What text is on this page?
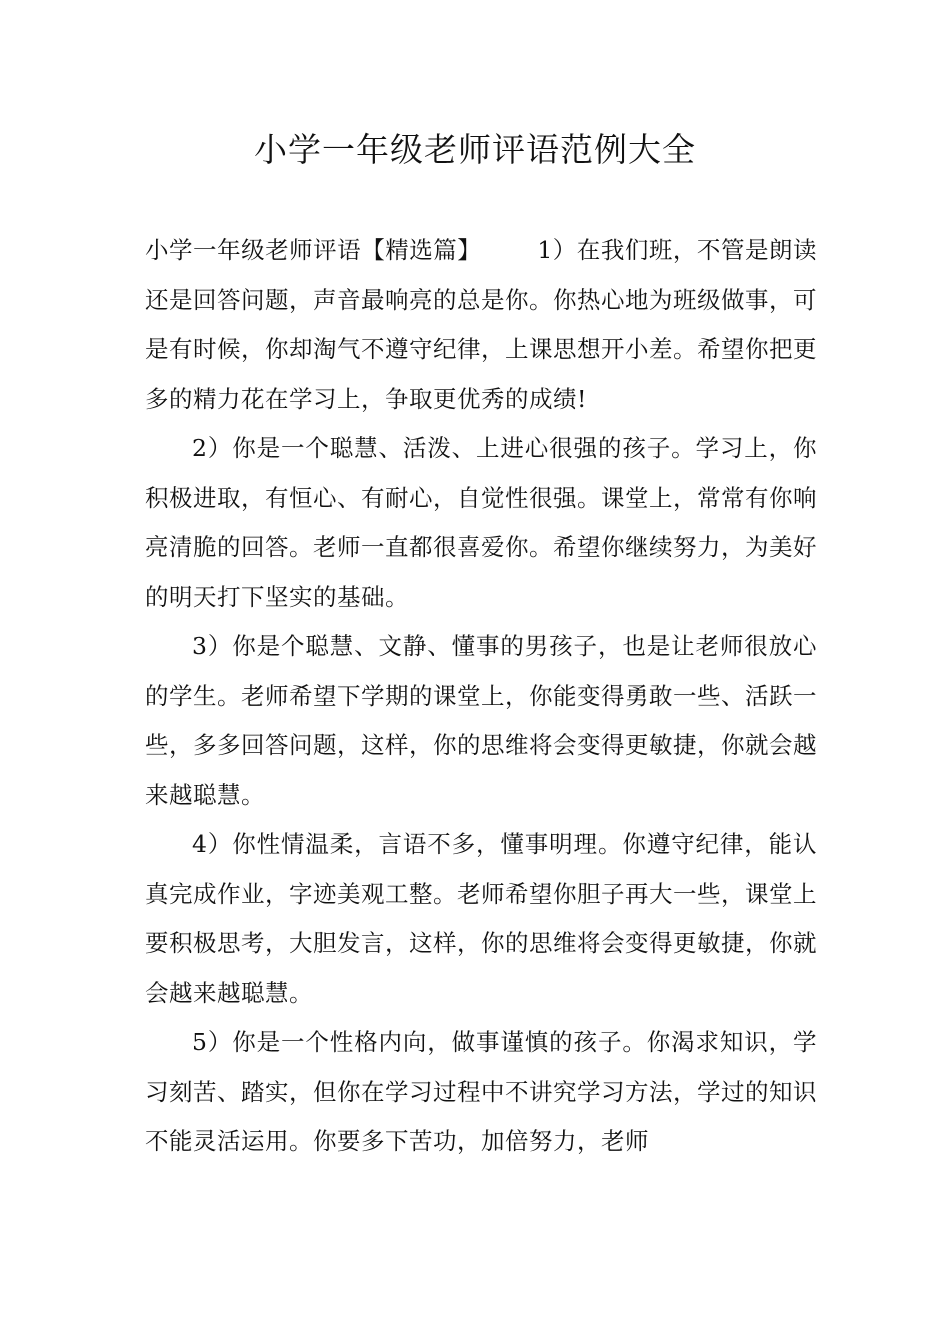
小学一年级老师评语范例大全

小学一年级老师评语【精选篇】 1）在我们班，不管是朗读还是回答问题，声音最响亮的总是你。你热心地为班级做事，可是有时候，你却淘气不遵守纪律，上课思想开小差。希望你把更多的精力花在学习上，争取更优秀的成绩!

2）你是一个聪慧、活泼、上进心很强的孩子。学习上，你积极进取，有恒心、有耐心，自觉性很强。课堂上，常常有你响亮清脆的回答。老师一直都很喜爱你。希望你继续努力，为美好的明天打下坚实的基础。

3）你是个聪慧、文静、懂事的男孩子，也是让老师很放心的学生。老师希望下学期的课堂上，你能变得勇敢一些、活跃一些，多多回答问题，这样，你的思维将会变得更敏捷，你就会越来越聪慧。

4）你性情温柔，言语不多，懂事明理。你遵守纪律，能认真完成作业，字迹美观工整。老师希望你胆子再大一些，课堂上要积极思考，大胆发言，这样，你的思维将会变得更敏捷，你就会越来越聪慧。

5）你是一个性格内向，做事谨慎的孩子。你渴求知识，学习刻苦、踏实，但你在学习过程中不讲究学习方法，学过的知识不能灵活运用。你要多下苦功，加倍努力，老师
